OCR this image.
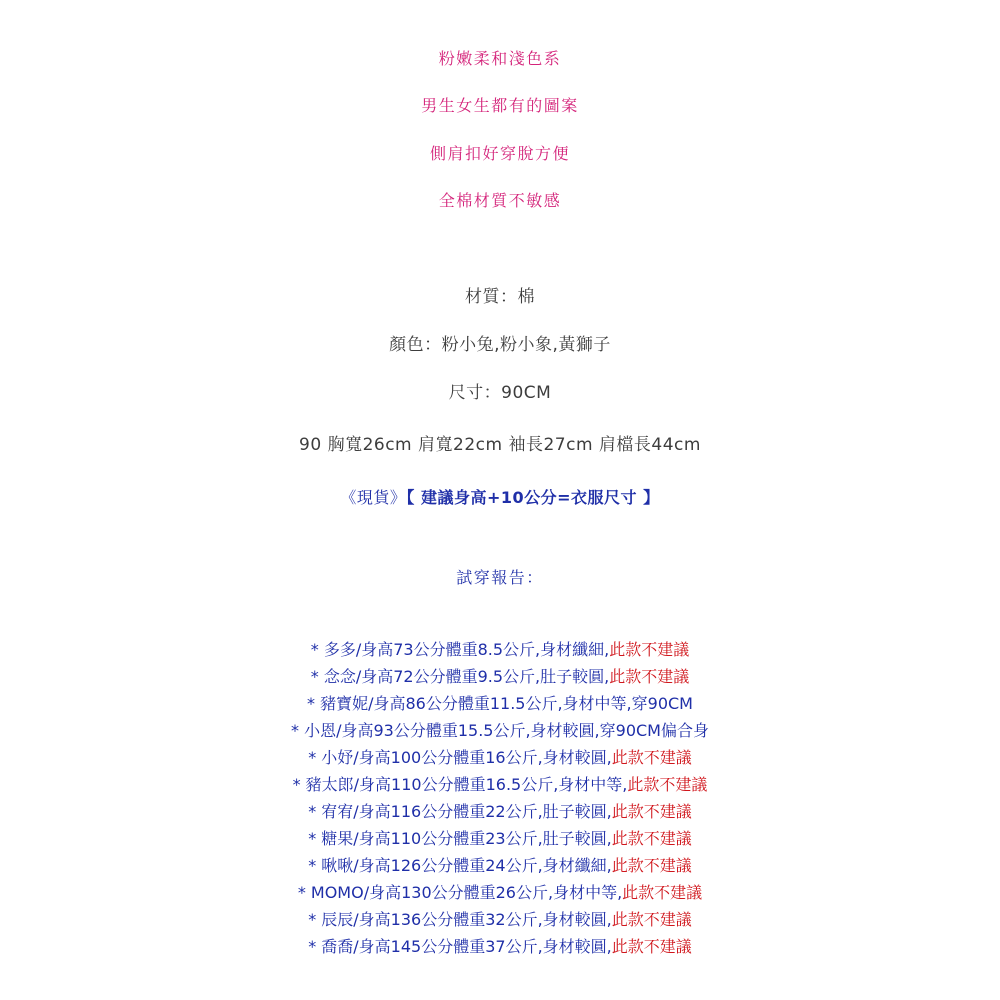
粉嫩柔和淺色系
男生女生都有的圖案
側肩扣好穿脫方便
全棉材質不敏感
材質：棉
顏色：粉小兔,粉小象,黃獅子
尺寸：90CM
90 胸寬26cm 肩寬22cm 袖長27cm 肩檔長44cm
《現貨》【 建議身高+10公分=衣服尺寸 】
試穿報告：
* 多多/身高73公分體重8.5公斤,身材纖細,此款不建議
* 念念/身高72公分體重9.5公斤,肚子較圓,此款不建議
* 豬寶妮/身高86公分體重11.5公斤,身材中等,穿90CM
* 小恩/身高93公分體重15.5公斤,身材較圓,穿90CM偏合身
* 小妤/身高100公分體重16公斤,身材較圓,此款不建議
* 豬太郎/身高110公分體重16.5公斤,身材中等,此款不建議
* 宥宥/身高116公分體重22公斤,肚子較圓,此款不建議
* 糖果/身高110公分體重23公斤,肚子較圓,此款不建議
* 啾啾/身高126公分體重24公斤,身材纖細,此款不建議
* MOMO/身高130公分體重26公斤,身材中等,此款不建議
* 辰辰/身高136公分體重32公斤,身材較圓,此款不建議
* 喬喬/身高145公分體重37公斤,身材較圓,此款不建議
